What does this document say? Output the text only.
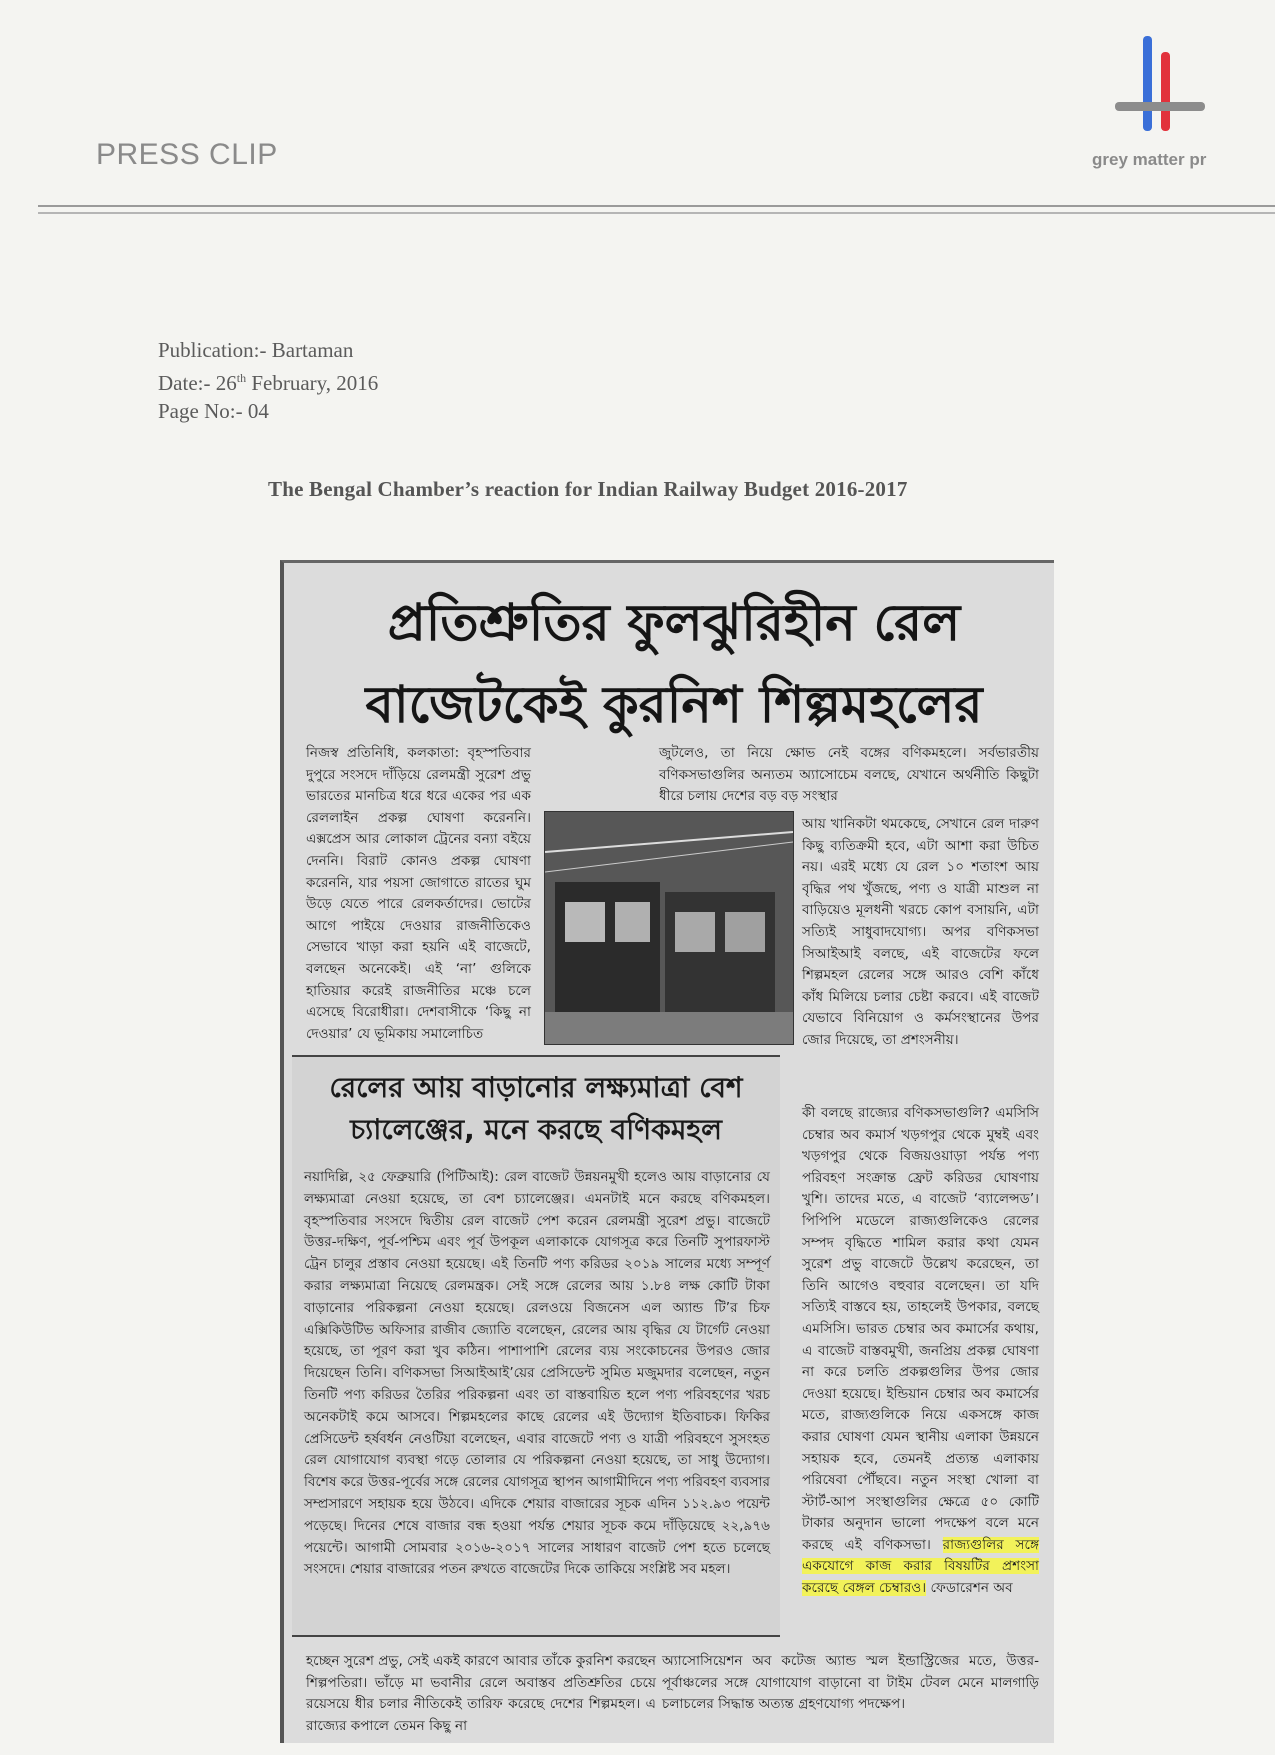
PRESS CLIP	grey matter pr
Publication:- Bartaman
Date:- 26th February, 2016
Page No:- 04
The Bengal Chamber’s reaction for Indian Railway Budget 2016-2017
প্রতিশ্রুতির ফুলঝুরিহীন রেল
বাজেটকেই কুরনিশ শিল্পমহলের
নিজস্ব প্রতিনিধি, কলকাতা: বৃহস্পতিবার দুপুরে সংসদে দাঁড়িয়ে রেলমন্ত্রী সুরেশ প্রভু ভারতের মানচিত্র ধরে ধরে একের পর এক রেললাইন প্রকল্প ঘোষণা করেননি। এক্সপ্রেস আর লোকাল ট্রেনের বন্যা বইয়ে দেননি। বিরাট কোনও প্রকল্প ঘোষণা করেননি, যার পয়সা জোগাতে রাতের ঘুম উড়ে যেতে পারে রেলকর্তাদের। ভোটের আগে পাইয়ে দেওয়ার রাজনীতিকেও সেভাবে খাড়া করা হয়নি এই বাজেটে, বলছেন অনেকেই। এই ‘না’ গুলিকে হাতিয়ার করেই রাজনীতির মঞ্চে চলে এসেছে বিরোধীরা। দেশবাসীকে ‘কিছু না দেওয়ার’ যে ভূমিকায় সমালোচিত
জুটলেও, তা নিয়ে ক্ষোভ নেই বঙ্গের বণিকমহলে। সর্বভারতীয় বণিকসভাগুলির অন্যতম অ্যাসোচেম বলছে, যেখানে অর্থনীতি কিছুটা ধীরে চলায় দেশের বড় বড় সংস্থার
আয় খানিকটা থমকেছে, সেখানে রেল দারুণ কিছু ব্যতিক্রমী হবে, এটা আশা করা উচিত নয়। এরই মধ্যে যে রেল ১০ শতাংশ আয় বৃদ্ধির পথ খুঁজছে, পণ্য ও যাত্রী মাশুল না বাড়িয়েও মূলধনী খরচে কোপ বসায়নি, এটা সত্যিই সাধুবাদযোগ্য। অপর বণিকসভা সিআইআই বলছে, এই বাজেটের ফলে শিল্পমহল রেলের সঙ্গে আরও বেশি কাঁধে কাঁধ মিলিয়ে চলার চেষ্টা করবে। এই বাজেট যেভাবে বিনিয়োগ ও কর্মসংস্থানের উপর জোর দিয়েছে, তা প্রশংসনীয়।
রেলের আয় বাড়ানোর লক্ষ্যমাত্রা বেশ
চ্যালেঞ্জের, মনে করছে বণিকমহল
নয়াদিল্লি, ২৫ ফেব্রুয়ারি (পিটিআই): রেল বাজেট উন্নয়নমুখী হলেও আয় বাড়ানোর যে লক্ষ্যমাত্রা নেওয়া হয়েছে, তা বেশ চ্যালেঞ্জের। এমনটাই মনে করছে বণিকমহল। বৃহস্পতিবার সংসদে দ্বিতীয় রেল বাজেট পেশ করেন রেলমন্ত্রী সুরেশ প্রভু। বাজেটে উত্তর-দক্ষিণ, পূর্ব-পশ্চিম এবং পূর্ব উপকূল এলাকাকে যোগসূত্র করে তিনটি সুপারফাস্ট ট্রেন চালুর প্রস্তাব নেওয়া হয়েছে। এই তিনটি পণ্য করিডর ২০১৯ সালের মধ্যে সম্পূর্ণ করার লক্ষ্যমাত্রা নিয়েছে রেলমন্ত্রক। সেই সঙ্গে রেলের আয় ১.৮৪ লক্ষ কোটি টাকা বাড়ানোর পরিকল্পনা নেওয়া হয়েছে। রেলওয়ে বিজনেস এল অ্যান্ড টি’র চিফ এক্সিকিউটিভ অফিসার রাজীব জ্যোতি বলেছেন, রেলের আয় বৃদ্ধির যে টার্গেট নেওয়া হয়েছে, তা পূরণ করা খুব কঠিন। পাশাপাশি রেলের ব্যয় সংকোচনের উপরও জোর দিয়েছেন তিনি। বণিকসভা সিআইআই’য়ের প্রেসিডেন্ট সুমিত মজুমদার বলেছেন, নতুন তিনটি পণ্য করিডর তৈরির পরিকল্পনা এবং তা বাস্তবায়িত হলে পণ্য পরিবহণের খরচ অনেকটাই কমে আসবে। শিল্পমহলের কাছে রেলের এই উদ্যোগ ইতিবাচক। ফিকির প্রেসিডেন্ট হর্ষবর্ধন নেওটিয়া বলেছেন, এবার বাজেটে পণ্য ও যাত্রী পরিবহণে সুসংহত রেল যোগাযোগ ব্যবস্থা গড়ে তোলার যে পরিকল্পনা নেওয়া হয়েছে, তা সাধু উদ্যোগ। বিশেষ করে উত্তর-পূর্বের সঙ্গে রেলের যোগসূত্র স্থাপন আগামীদিনে পণ্য পরিবহণ ব্যবসার সম্প্রসারণে সহায়ক হয়ে উঠবে। এদিকে শেয়ার বাজারের সূচক এদিন ১১২.৯৩ পয়েন্ট পড়েছে। দিনের শেষে বাজার বন্ধ হওয়া পর্যন্ত শেয়ার সূচক কমে দাঁড়িয়েছে ২২,৯৭৬ পয়েন্টে। আগামী সোমবার ২০১৬-২০১৭ সালের সাধারণ বাজেট পেশ হতে চলেছে সংসদে। শেয়ার বাজারের পতন রুখতে বাজেটের দিকে তাকিয়ে সংশ্লিষ্ট সব মহল।
কী বলছে রাজ্যের বণিকসভাগুলি? এমসিসি চেম্বার অব কমার্স খড়গপুর থেকে মুম্বই এবং খড়গপুর থেকে বিজয়ওয়াড়া পর্যন্ত পণ্য পরিবহণ সংক্রান্ত ফ্রেট করিডর ঘোষণায় খুশি। তাদের মতে, এ বাজেট ‘ব্যালেন্সড’। পিপিপি মডেলে রাজ্যগুলিকেও রেলের সম্পদ বৃদ্ধিতে শামিল করার কথা যেমন সুরেশ প্রভু বাজেটে উল্লেখ করেছেন, তা তিনি আগেও বহুবার বলেছেন। তা যদি সত্যিই বাস্তবে হয়, তাহলেই উপকার, বলছে এমসিসি। ভারত চেম্বার অব কমার্সের কথায়, এ বাজেট বাস্তবমুখী, জনপ্রিয় প্রকল্প ঘোষণা না করে চলতি প্রকল্পগুলির উপর জোর দেওয়া হয়েছে। ইন্ডিয়ান চেম্বার অব কমার্সের মতে, রাজ্যগুলিকে নিয়ে একসঙ্গে কাজ করার ঘোষণা যেমন স্থানীয় এলাকা উন্নয়নে সহায়ক হবে, তেমনই প্রত্যন্ত এলাকায় পরিষেবা পৌঁছবে। নতুন সংস্থা খোলা বা স্টার্ট-আপ সংস্থাগুলির ক্ষেত্রে ৫০ কোটি টাকার অনুদান ভালো পদক্ষেপ বলে মনে করছে এই বণিকসভা। রাজ্যগুলির সঙ্গে একযোগে কাজ করার বিষয়টির প্রশংসা করেছে বেঙ্গল চেম্বারও। ফেডারেশন অব
হচ্ছেন সুরেশ প্রভু, সেই একই কারণে আবার তাঁকে কুরনিশ করছেন শিল্পপতিরা। ভাঁড়ে মা ভবানীর রেলে অবাস্তব প্রতিশ্রুতির চেয়ে রয়েসয়ে ধীর চলার নীতিকেই তারিফ করেছে দেশের শিল্পমহল। এ রাজ্যের কপালে তেমন কিছু না
অ্যাসোসিয়েশন অব কটেজ অ্যান্ড স্মল ইন্ডাস্ট্রিজের মতে, উত্তর-পূর্বাঞ্চলের সঙ্গে যোগাযোগ বাড়ানো বা টাইম টেবল মেনে মালগাড়ি চলাচলের সিদ্ধান্ত অত্যন্ত গ্রহণযোগ্য পদক্ষেপ।
